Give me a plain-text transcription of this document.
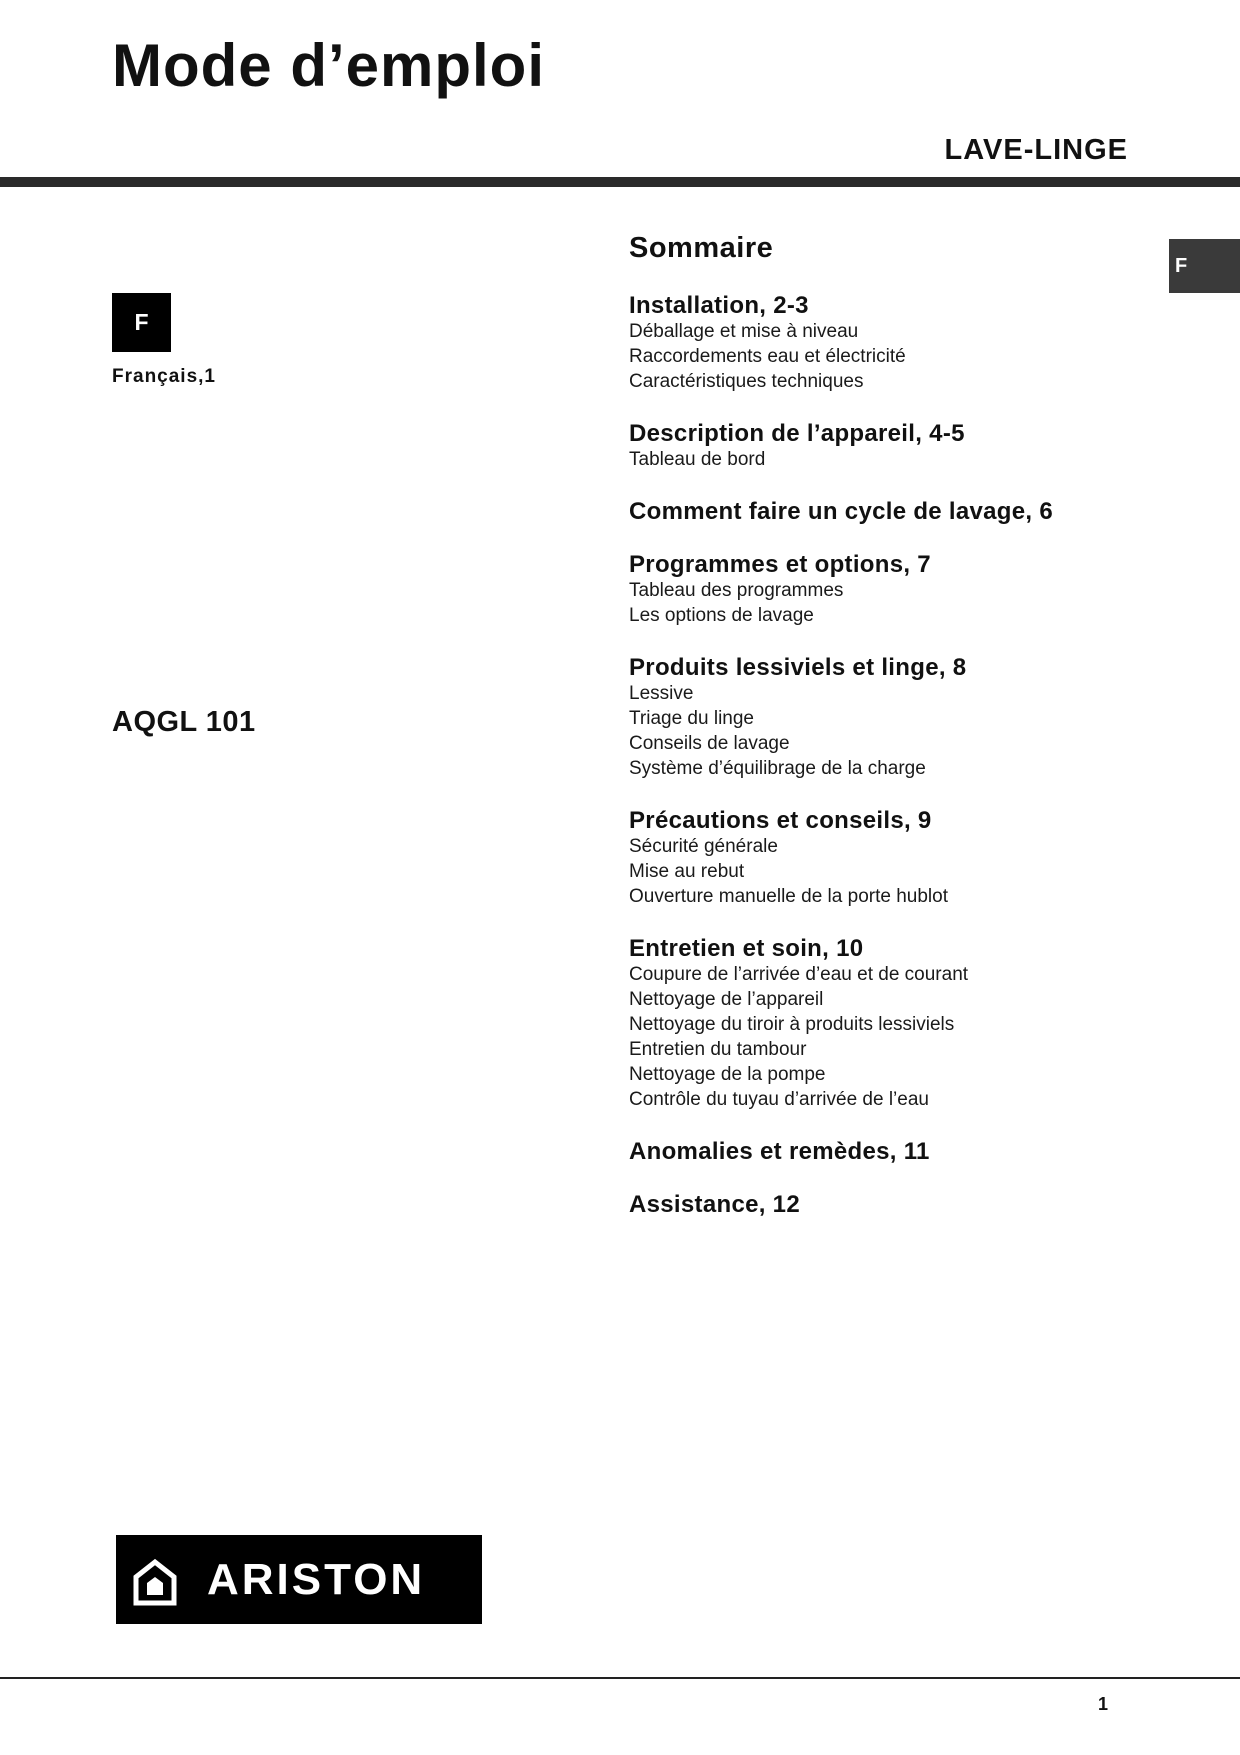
Mode d’emploi
LAVE-LINGE
F
F
Français,1
AQGL 101
Sommaire
Installation, 2-3
Déballage et mise à niveau
Raccordements eau et électricité
Caractéristiques techniques
Description de l’appareil, 4-5
Tableau de bord
Comment faire un cycle de lavage, 6
Programmes et options, 7
Tableau des programmes
Les options de lavage
Produits lessiviels et linge, 8
Lessive
Triage du linge
Conseils de lavage
Système d’équilibrage de la charge
Précautions et conseils, 9
Sécurité générale
Mise au rebut
Ouverture manuelle de la porte hublot
Entretien et soin, 10
Coupure de l’arrivée d’eau et de courant
Nettoyage de l’appareil
Nettoyage du tiroir à produits lessiviels
Entretien du tambour
Nettoyage de la pompe
Contrôle du tuyau d’arrivée de l’eau
Anomalies et remèdes, 11
Assistance, 12
ARISTON
1
